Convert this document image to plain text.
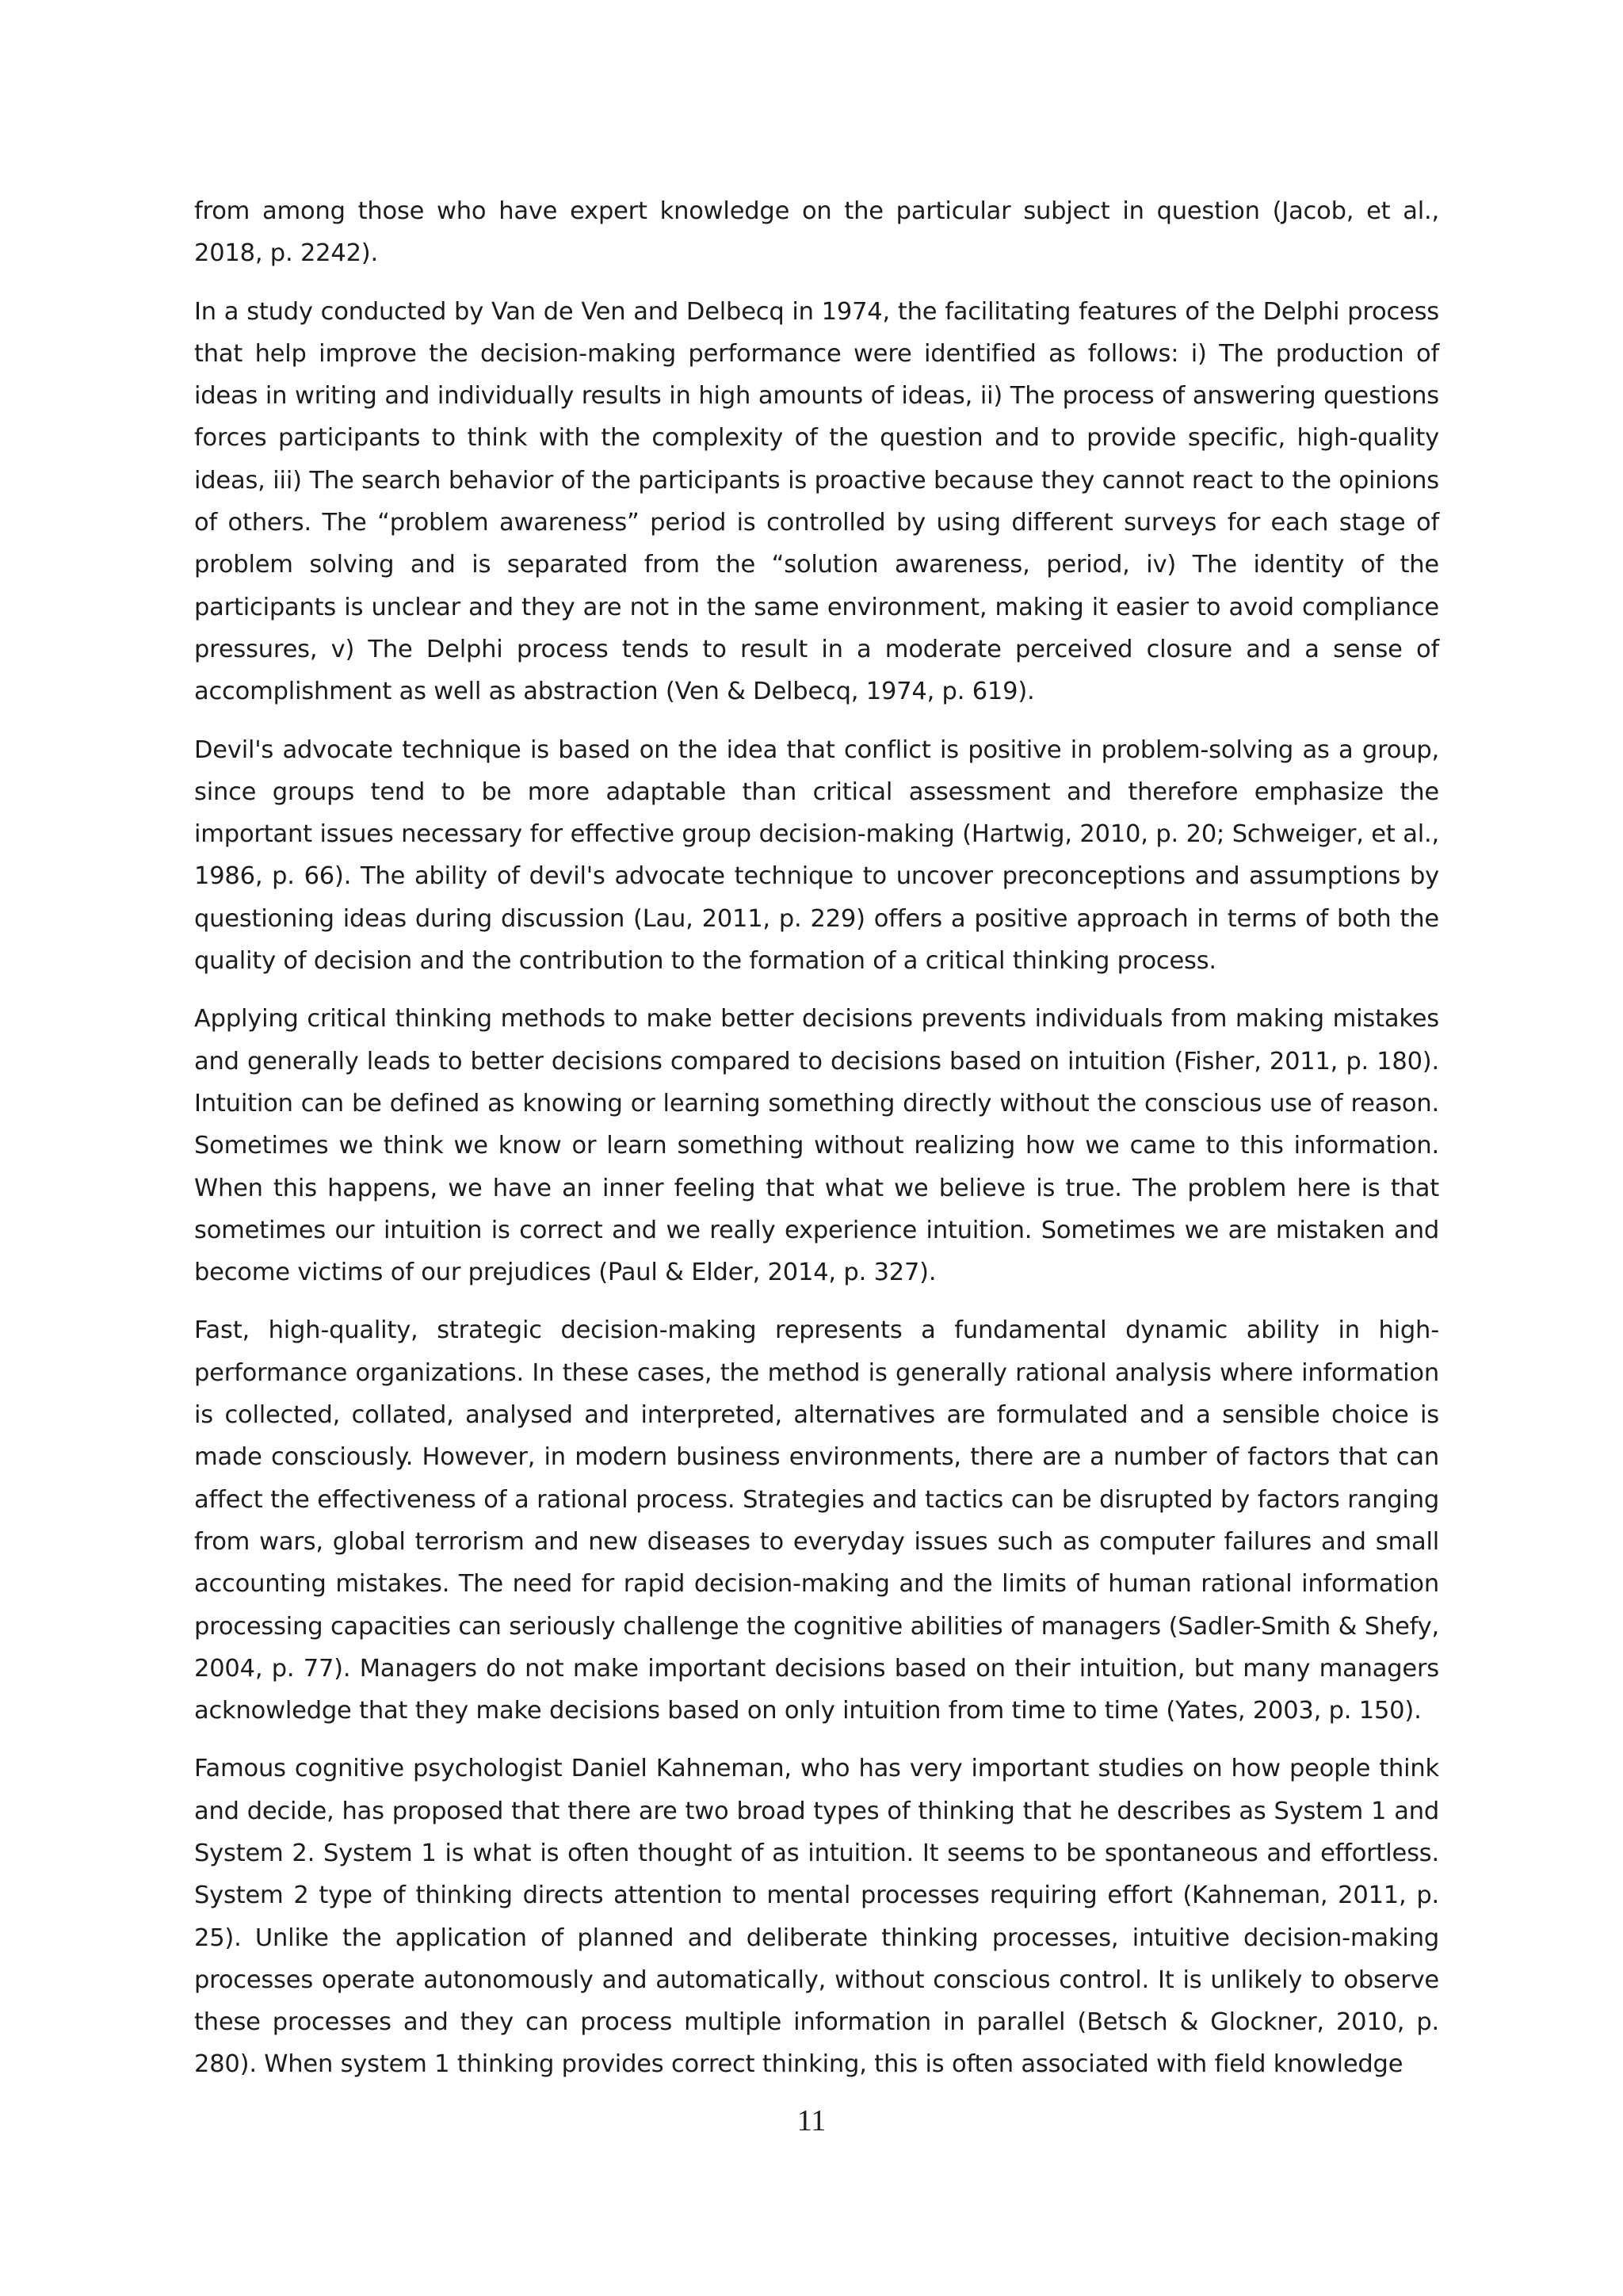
from among those who have expert knowledge on the particular subject in question (Jacob, et al., 2018, p. 2242).

In a study conducted by Van de Ven and Delbecq in 1974, the facilitating features of the Delphi process that help improve the decision-making performance were identified as follows: i) The production of ideas in writing and individually results in high amounts of ideas, ii) The process of answering questions forces participants to think with the complexity of the question and to provide specific, high-quality ideas, iii) The search behavior of the participants is proactive because they cannot react to the opinions of others. The “problem awareness” period is controlled by using different surveys for each stage of problem solving and is separated from the “solution awareness, period, iv) The identity of the participants is unclear and they are not in the same environment, making it easier to avoid compliance pressures, v) The Delphi process tends to result in a moderate perceived closure and a sense of accomplishment as well as abstraction (Ven & Delbecq, 1974, p. 619).

Devil's advocate technique is based on the idea that conflict is positive in problem-solving as a group, since groups tend to be more adaptable than critical assessment and therefore emphasize the important issues necessary for effective group decision-making (Hartwig, 2010, p. 20; Schweiger, et al., 1986, p. 66). The ability of devil's advocate technique to uncover preconceptions and assumptions by questioning ideas during discussion (Lau, 2011, p. 229) offers a positive approach in terms of both the quality of decision and the contribution to the formation of a critical thinking process.

Applying critical thinking methods to make better decisions prevents individuals from making mistakes and generally leads to better decisions compared to decisions based on intuition (Fisher, 2011, p. 180). Intuition can be defined as knowing or learning something directly without the conscious use of reason. Sometimes we think we know or learn something without realizing how we came to this information. When this happens, we have an inner feeling that what we believe is true. The problem here is that sometimes our intuition is correct and we really experience intuition. Sometimes we are mistaken and become victims of our prejudices (Paul & Elder, 2014, p. 327).

Fast, high-quality, strategic decision-making represents a fundamental dynamic ability in high-performance organizations. In these cases, the method is generally rational analysis where information is collected, collated, analysed and interpreted, alternatives are formulated and a sensible choice is made consciously. However, in modern business environments, there are a number of factors that can affect the effectiveness of a rational process. Strategies and tactics can be disrupted by factors ranging from wars, global terrorism and new diseases to everyday issues such as computer failures and small accounting mistakes. The need for rapid decision-making and the limits of human rational information processing capacities can seriously challenge the cognitive abilities of managers (Sadler-Smith & Shefy, 2004, p. 77). Managers do not make important decisions based on their intuition, but many managers acknowledge that they make decisions based on only intuition from time to time (Yates, 2003, p. 150).

Famous cognitive psychologist Daniel Kahneman, who has very important studies on how people think and decide, has proposed that there are two broad types of thinking that he describes as System 1 and System 2. System 1 is what is often thought of as intuition. It seems to be spontaneous and effortless. System 2 type of thinking directs attention to mental processes requiring effort (Kahneman, 2011, p. 25). Unlike the application of planned and deliberate thinking processes, intuitive decision-making processes operate autonomously and automatically, without conscious control. It is unlikely to observe these processes and they can process multiple information in parallel (Betsch & Glockner, 2010, p. 280). When system 1 thinking provides correct thinking, this is often associated with field knowledge

11
